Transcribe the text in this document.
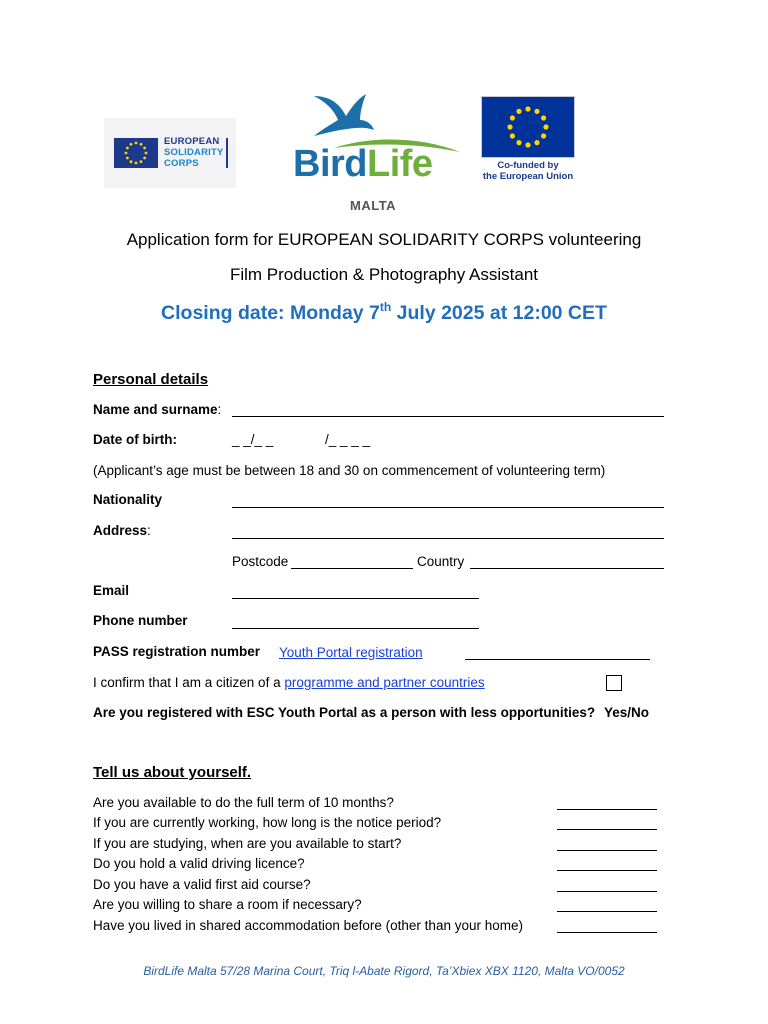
EUROPEAN
SOLIDARITY
CORPS	BirdLife
MALTA
Co-funded by
the European Union
Application form for EUROPEAN SOLIDARITY CORPS volunteering
Film Production & Photography Assistant
Closing date: Monday 7th July 2025 at 12:00 CET
Personal details
Name and surname:
Date of birth:	_ _/_ _	/_ _ _ _
(Applicant’s age must be between 18 and 30 on commencement of volunteering term)
Nationality
Address:
Postcode	Country
Email
Phone number
PASS registration number Youth Portal registration
I confirm that I am a citizen of a programme and partner countries
Are you registered with ESC Youth Portal as a person with less opportunities? Yes/No
Tell us about yourself.
Are you available to do the full term of 10 months?
If you are currently working, how long is the notice period?
If you are studying, when are you available to start?
Do you hold a valid driving licence?
Do you have a valid first aid course?
Are you willing to share a room if necessary?
Have you lived in shared accommodation before (other than your home)
BirdLife Malta 57/28 Marina Court, Triq l-Abate Rigord, Ta’Xbiex XBX 1120, Malta VO/0052
